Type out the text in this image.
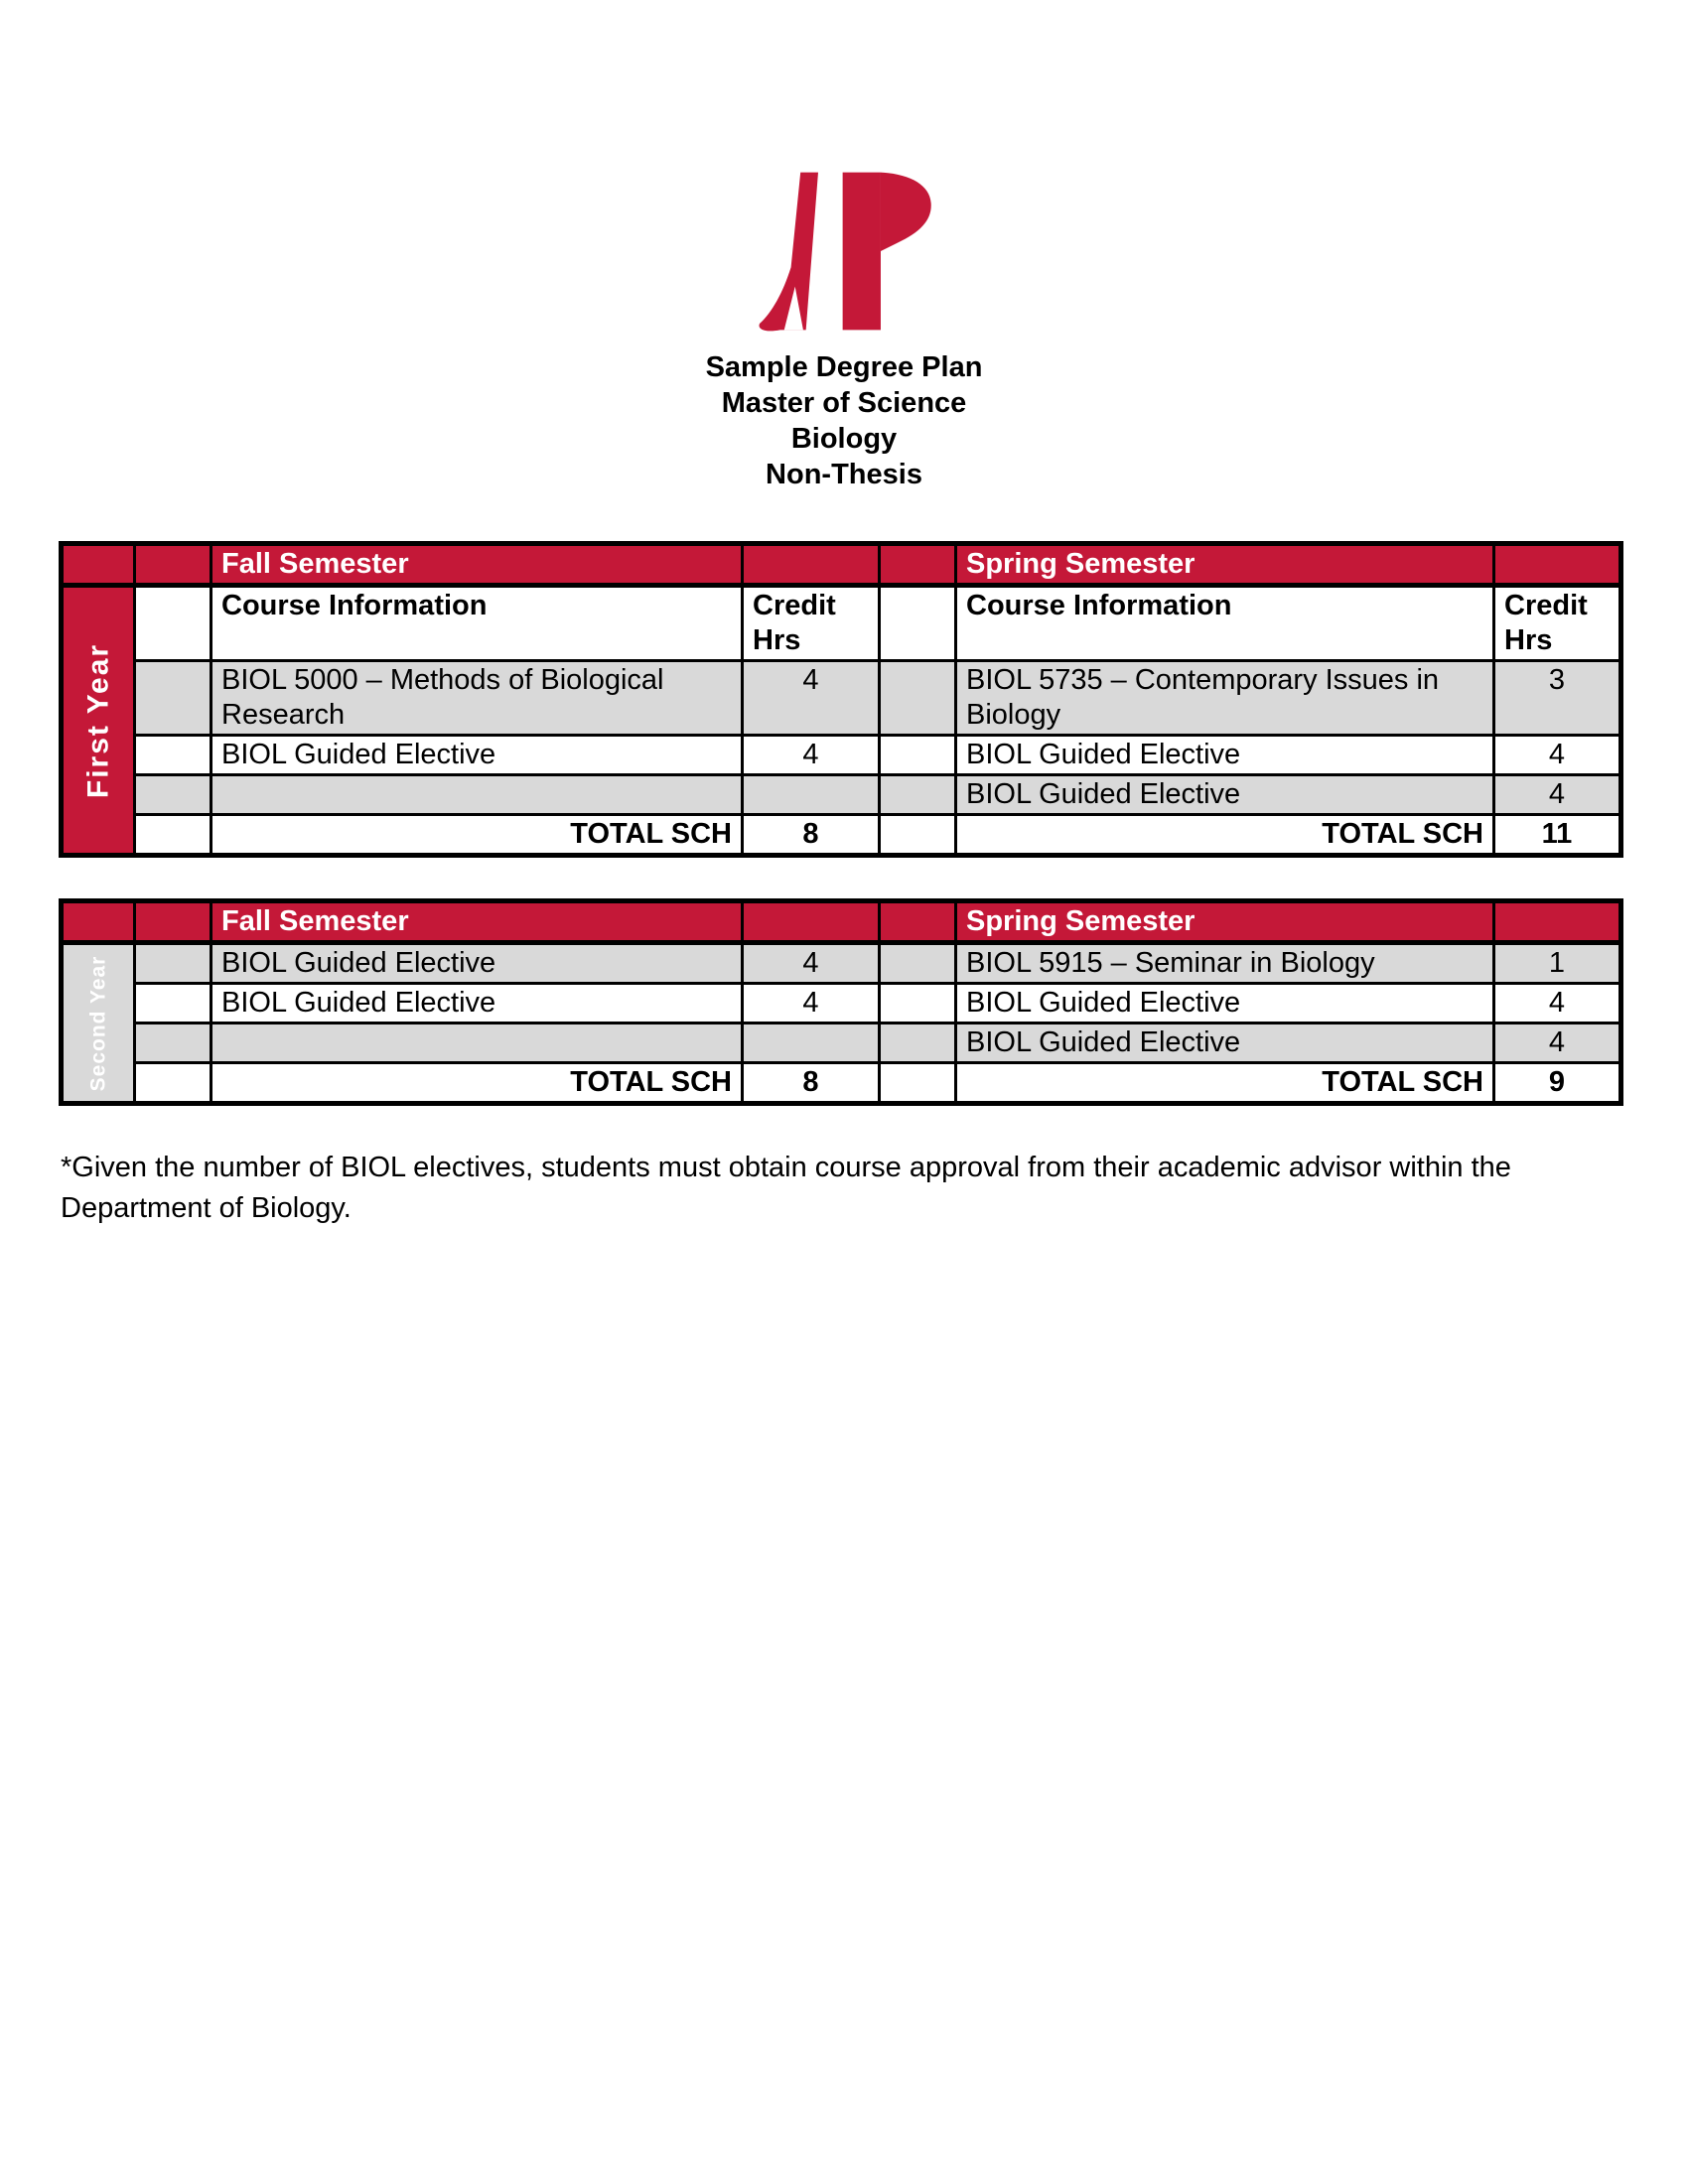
Sample Degree Plan
Master of Science
Biology
Non-Thesis
		Fall Semester			Spring Semester	

First Year		Course Information	Credit Hrs		Course Information	Credit Hrs
		BIOL 5000 – Methods of Biological Research	4		BIOL 5735 – Contemporary Issues in Biology	3
		BIOL Guided Elective	4		BIOL Guided Elective	4
					BIOL Guided Elective	4
		TOTAL SCH	8		TOTAL SCH	11
		Fall Semester			Spring Semester	

Second Year		BIOL Guided Elective	4		BIOL 5915 – Seminar in Biology	1
		BIOL Guided Elective	4		BIOL Guided Elective	4
					BIOL Guided Elective	4
		TOTAL SCH	8		TOTAL SCH	9
*Given the number of BIOL electives, students must obtain course approval from their academic advisor within the
Department of Biology.
